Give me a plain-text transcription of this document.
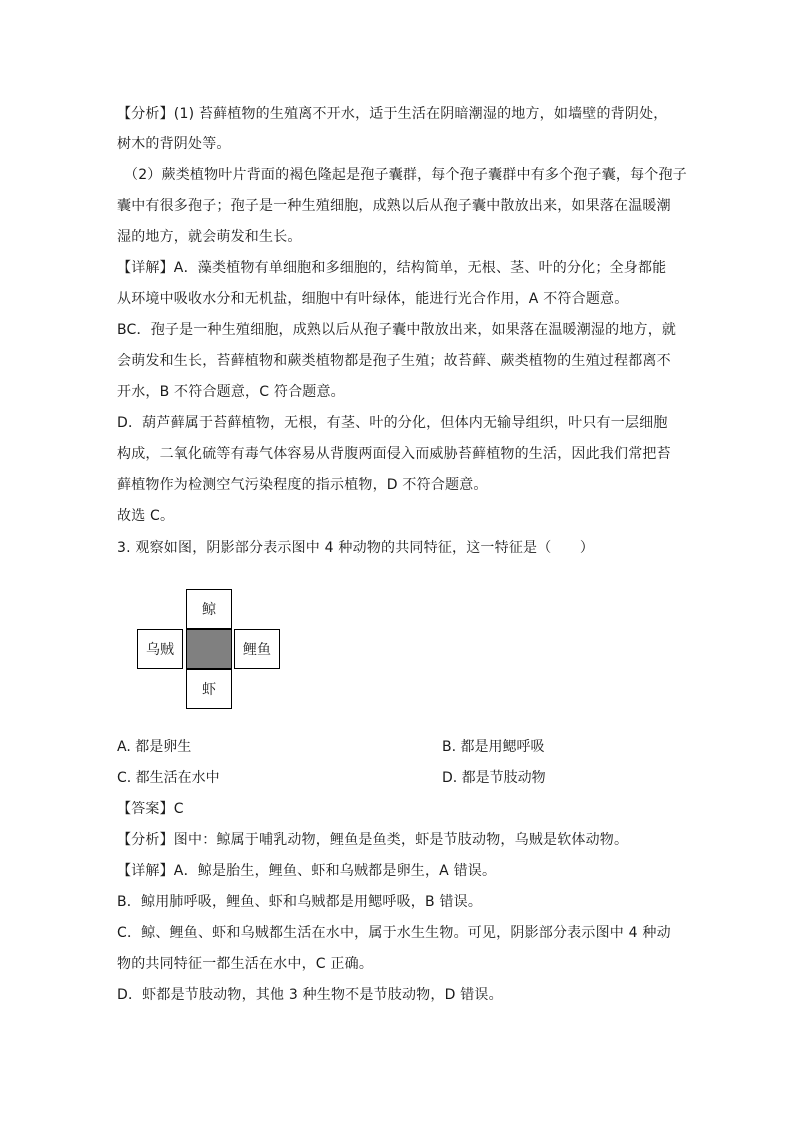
【分析】(1) 苔藓植物的生殖离不开水，适于生活在阴暗潮湿的地方，如墙壁的背阴处，
树木的背阴处等。
（2）蕨类植物叶片背面的褐色隆起是孢子囊群，每个孢子囊群中有多个孢子囊，每个孢子
囊中有很多孢子；孢子是一种生殖细胞，成熟以后从孢子囊中散放出来，如果落在温暖潮
湿的地方，就会萌发和生长。
【详解】A．藻类植物有单细胞和多细胞的，结构简单，无根、茎、叶的分化；全身都能
从环境中吸收水分和无机盐，细胞中有叶绿体，能进行光合作用，A 不符合题意。
BC．孢子是一种生殖细胞，成熟以后从孢子囊中散放出来，如果落在温暖潮湿的地方，就
会萌发和生长，苔藓植物和蕨类植物都是孢子生殖；故苔藓、蕨类植物的生殖过程都离不
开水，B 不符合题意，C 符合题意。
D．葫芦藓属于苔藓植物，无根，有茎、叶的分化，但体内无输导组织，叶只有一层细胞
构成，二氧化硫等有毒气体容易从背腹两面侵入而威胁苔藓植物的生活，因此我们常把苔
藓植物作为检测空气污染程度的指示植物，D 不符合题意。
故选 C。
3. 观察如图，阴影部分表示图中 4 种动物的共同特征，这一特征是（　　）
鲸
乌贼	鲤鱼
虾
A. 都是卵生	B. 都是用鳃呼吸
C. 都生活在水中	D. 都是节肢动物
【答案】C
【分析】图中：鲸属于哺乳动物，鲤鱼是鱼类，虾是节肢动物，乌贼是软体动物。
【详解】A．鲸是胎生，鲤鱼、虾和乌贼都是卵生，A 错误。
B．鲸用肺呼吸，鲤鱼、虾和乌贼都是用鳃呼吸，B 错误。
C．鲸、鲤鱼、虾和乌贼都生活在水中，属于水生生物。可见，阴影部分表示图中 4 种动
物的共同特征一都生活在水中，C 正确。
D．虾都是节肢动物，其他 3 种生物不是节肢动物，D 错误。
